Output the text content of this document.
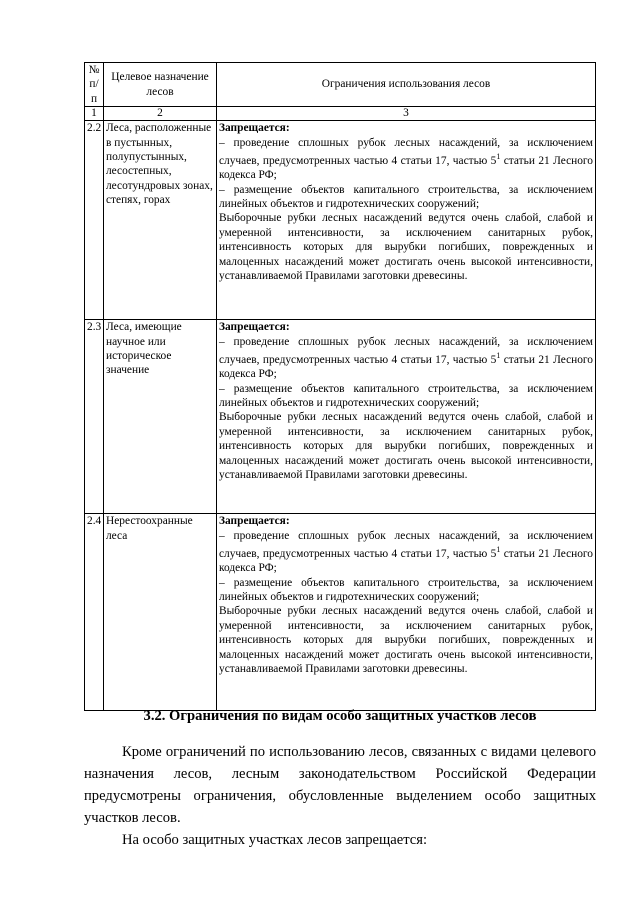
№ п/п	Целевое назначение лесов	Ограничения использования лесов
1	2	3
2.2	Леса, расположенные в пустынных, полупустынных, лесостепных, лесотундровых зонах, степях, горах	Запрещается:

– проведение сплошных рубок лесных насаждений, за исключением случаев, предусмотренных частью 4 статьи 17, частью $5^1$ статьи 21 Лесного кодекса РФ;

– размещение объектов капитального строительства, за исключением линейных объектов и гидротехнических сооружений;

Выборочные рубки лесных насаждений ведутся очень слабой, слабой и умеренной интенсивности, за исключением санитарных рубок, интенсивность которых для вырубки погибших, поврежденных и малоценных насаждений может достигать очень высокой интенсивности, устанавливаемой Правилами заготовки древесины.

2.3	Леса, имеющие научное или историческое значение	Запрещается:

– проведение сплошных рубок лесных насаждений, за исключением случаев, предусмотренных частью 4 статьи 17, частью $5^1$ статьи 21 Лесного кодекса РФ;

– размещение объектов капитального строительства, за исключением линейных объектов и гидротехнических сооружений;

Выборочные рубки лесных насаждений ведутся очень слабой, слабой и умеренной интенсивности, за исключением санитарных рубок, интенсивность которых для вырубки погибших, поврежденных и малоценных насаждений может достигать очень высокой интенсивности, устанавливаемой Правилами заготовки древесины.

2.4	Нерестоохранные леса	Запрещается:

– проведение сплошных рубок лесных насаждений, за исключением случаев, предусмотренных частью 4 статьи 17, частью $5^1$ статьи 21 Лесного кодекса РФ;

– размещение объектов капитального строительства, за исключением линейных объектов и гидротехнических сооружений;

Выборочные рубки лесных насаждений ведутся очень слабой, слабой и умеренной интенсивности, за исключением санитарных рубок, интенсивность которых для вырубки погибших, поврежденных и малоценных насаждений может достигать очень высокой интенсивности, устанавливаемой Правилами заготовки древесины.

3.2. Ограничения по видам особо защитных участков лесов

Кроме ограничений по использованию лесов, связанных с видами целевого назначения лесов, лесным законодательством Российской Федерации предусмотрены ограничения, обусловленные выделением особо защитных участков лесов.

На особо защитных участках лесов запрещается:
